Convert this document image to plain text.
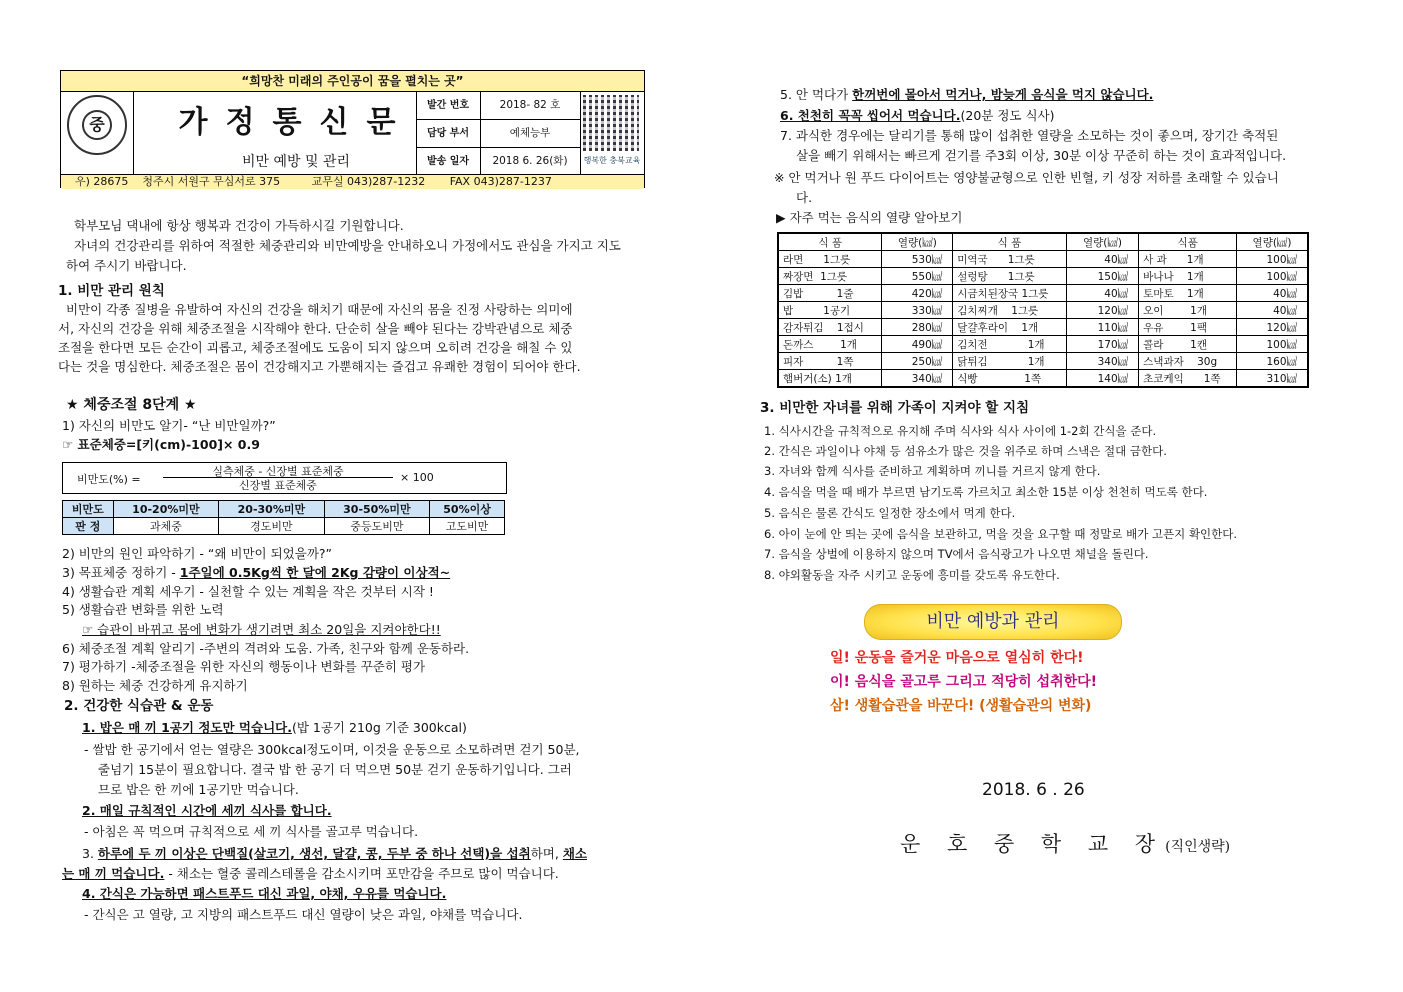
“희망찬 미래의 주인공이 꿈을 펼치는 곳”
중 가정통신문
비만 예방 및 관리
발간 번호	2018- 82 호
담당 부서	예체능부
발송 일자	2018 6. 26(화)	행복한 충북교육
우) 28675    청주시 서원구 무심서로 375         교무실 043)287-1232       FAX 043)287-1237
학부모님 댁내에 항상 행복과 건강이 가득하시길 기원합니다.
자녀의 건강관리를 위하여 적절한 체중관리와 비만예방을 안내하오니 가정에서도 관심을 가지고 지도
하여 주시기 바랍니다.
1. 비만 관리 원칙
비만이 각종 질병을 유발하여 자신의 건강을 해치기 때문에 자신의 몸을 진정 사랑하는 의미에
서, 자신의 건강을 위해 체중조절을 시작해야 한다. 단순히 살을 빼야 된다는 강박관념으로 체중
조절을 한다면 모든 순간이 괴롭고, 체중조절에도 도움이 되지 않으며 오히려 건강을 해칠 수 있
다는 것을 명심한다. 체중조절은 몸이 건강해지고 가뿐해지는 즐겁고 유쾌한 경험이 되어야 한다.
★ 체중조절 8단계 ★
1) 자신의 비만도 알기- “난 비만일까?”
☞ 표준체중=[키(cm)-100]× 0.9
비만도(%) =
실측체중 - 신장별 표준체중
신장별 표준체중
× 100
비만도	10-20%미만	20-30%미만	30-50%미만	50%이상
판 정	과체중	경도비만	중등도비만	고도비만
2) 비만의 원인 파악하기 - “왜 비만이 되었을까?”
3) 목표체중 정하기 - 1주일에 0.5Kg씩 한 달에 2Kg 감량이 이상적~
4) 생활습관 계획 세우기 - 실천할 수 있는 계획을 작은 것부터 시작 !
5) 생활습관 변화를 위한 노력
☞ 습관이 바뀌고 몸에 변화가 생기려면 최소 20일을 지켜야한다!!
6) 체중조절 계획 알리기 -주변의 격려와 도움. 가족, 친구와 함께 운동하라.
7) 평가하기 -체중조절을 위한 자신의 행동이나 변화를 꾸준히 평가
8) 원하는 체중 건강하게 유지하기
2. 건강한 식습관 & 운동
1. 밥은 매 끼 1공기 정도만 먹습니다.(밥 1공기 210g 기준 300kcal)
- 쌀밥 한 공기에서 얻는 열량은 300kcal정도이며, 이것을 운동으로 소모하려면 걷기 50분,
줄넘기 15분이 필요합니다. 결국 밥 한 공기 더 먹으면 50분 걷기 운동하기입니다. 그러
므로 밥은 한 끼에 1공기만 먹습니다.
2. 매일 규칙적인 시간에 세끼 식사를 합니다.
- 아침은 꼭 먹으며 규칙적으로 세 끼 식사를 골고루 먹습니다.
3. 하루에 두 끼 이상은 단백질(살코기, 생선, 달걀, 콩, 두부 중 하나 선택)을 섭취하며, 채소
는 매 끼 먹습니다. - 채소는 혈중 콜레스테롤을 감소시키며 포만감을 주므로 많이 먹습니다.
4. 간식은 가능하면 패스트푸드 대신 과일, 야채, 우유를 먹습니다.
- 간식은 고 열량, 고 지방의 패스트푸드 대신 열량이 낮은 과일, 야채를 먹습니다.
5. 안 먹다가 한꺼번에 몰아서 먹거나, 밤늦게 음식을 먹지 않습니다.
6. 천천히 꼭꼭 씹어서 먹습니다.(20분 정도 식사)
7. 과식한 경우에는 달리기를 통해 많이 섭취한 열량을 소모하는 것이 좋으며, 장기간 축적된
살을 빼기 위해서는 빠르게 걷기를 주3회 이상, 30분 이상 꾸준히 하는 것이 효과적입니다.
※ 안 먹거나 원 푸드 다이어트는 영양불균형으로 인한 빈혈, 키 성장 저하를 초래할 수 있습니
다.
▶ 자주 먹는 음식의 열량 알아보기
식 품	열량(㎉)	식 품	열량(㎉)	식품	열량(㎉)
라면      1그릇	530㎉	미역국      1그릇	40㎉	사 과      1개	100㎉
짜장면  1그릇	550㎉	설렁탕      1그릇	150㎉	바나나    1개	100㎉
김밥          1줄	420㎉	시금치된장국 1그릇	40㎉	토마토    1개	40㎉
밥         1공기	330㎉	김치찌개    1그릇	120㎉	오이        1개	40㎉
감자튀김    1접시	280㎉	달걀후라이    1개	110㎉	우유        1팩	120㎉
돈까스        1개	490㎉	김치전            1개	170㎉	콜라        1캔	100㎉
피자          1쪽	250㎉	닭튀김            1개	340㎉	스낵과자    30g	160㎉
햄버거(소) 1개	340㎉	식빵              1쪽	140㎉	초코케익      1쪽	310㎉
3. 비만한 자녀를 위해 가족이 지켜야 할 지침
1. 식사시간을 규칙적으로 유지해 주며 식사와 식사 사이에 1-2회 간식을 준다.
2. 간식은 과일이나 야채 등 섬유소가 많은 것을 위주로 하며 스낵은 절대 금한다.
3. 자녀와 함께 식사를 준비하고 계획하며 끼니를 거르지 않게 한다.
4. 음식을 먹을 때 배가 부르면 남기도록 가르치고 최소한 15분 이상 천천히 먹도록 한다.
5. 음식은 물론 간식도 일정한 장소에서 먹게 한다.
6. 아이 눈에 안 띄는 곳에 음식을 보관하고, 먹을 것을 요구할 때 정말로 배가 고픈지 확인한다.
7. 음식을 상벌에 이용하지 않으며 TV에서 음식광고가 나오면 채널을 돌린다.
8. 야외활동을 자주 시키고 운동에 흥미를 갖도록 유도한다.
비만 예방과 관리
일! 운동을 즐거운 마음으로 열심히 한다!
이! 음식을 골고루 그리고 적당히 섭취한다!
삼! 생활습관을 바꾼다! (생활습관의 변화)
2018. 6 . 26
운 호 중 학 교 장(직인생략)
